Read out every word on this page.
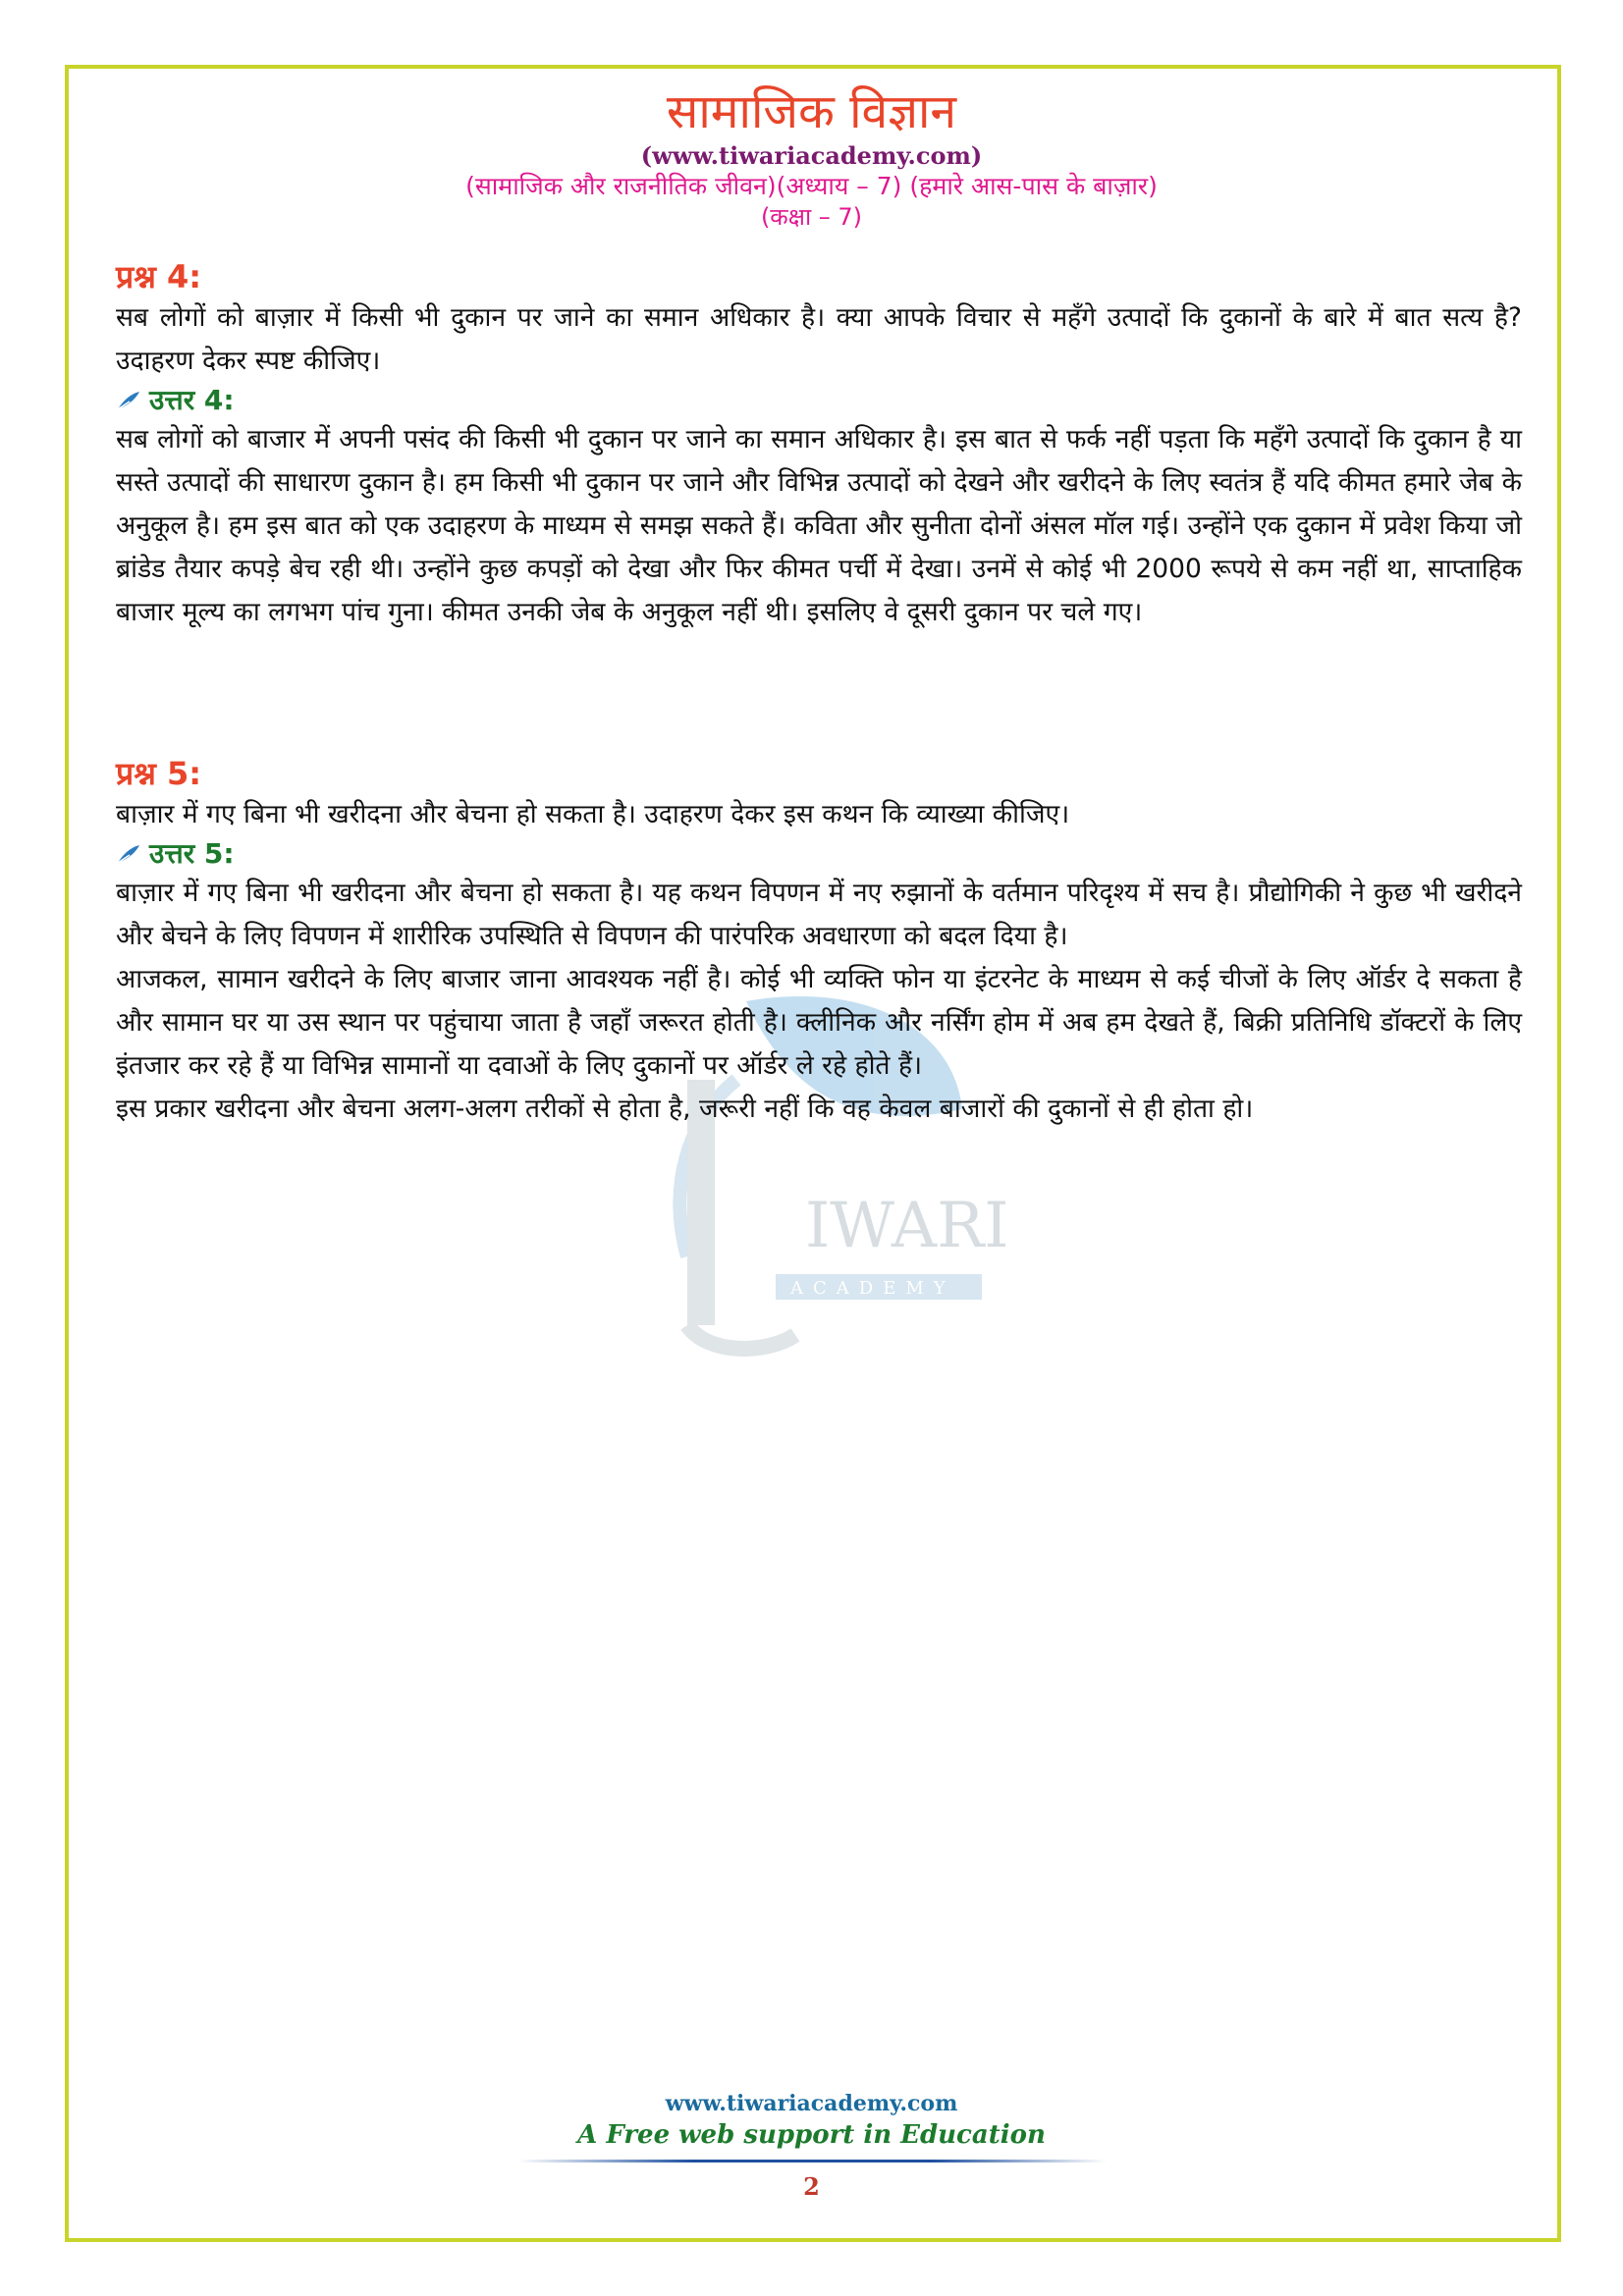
IWARI
ACADEMY
सामाजिक विज्ञान
(www.tiwariacademy.com)
(सामाजिक और राजनीतिक जीवन)(अध्याय – 7) (हमारे आस-पास के बाज़ार)
(कक्षा – 7)
प्रश्न 4:

सब लोगों को बाज़ार में किसी भी दुकान पर जाने का समान अधिकार है। क्या आपके विचार से महँगे उत्पादों कि दुकानों के बारे में बात सत्य है? उदाहरण देकर स्पष्ट कीजिए।

उत्तर 4:

सब लोगों को बाजार में अपनी पसंद की किसी भी दुकान पर जाने का समान अधिकार है। इस बात से फर्क नहीं पड़ता कि महँगे उत्पादों कि दुकान है या सस्ते उत्पादों की साधारण दुकान है। हम किसी भी दुकान पर जाने और विभिन्न उत्पादों को देखने और खरीदने के लिए स्वतंत्र हैं यदि कीमत हमारे जेब के अनुकूल है। हम इस बात को एक उदाहरण के माध्यम से समझ सकते हैं। कविता और सुनीता दोनों अंसल मॉल गई। उन्होंने एक दुकान में प्रवेश किया जो ब्रांडेड तैयार कपड़े बेच रही थी। उन्होंने कुछ कपड़ों को देखा और फिर कीमत पर्ची में देखा। उनमें से कोई भी 2000 रूपये से कम नहीं था, साप्ताहिक बाजार मूल्य का लगभग पांच गुना। कीमत उनकी जेब के अनुकूल नहीं थी। इसलिए वे दूसरी दुकान पर चले गए।

प्रश्न 5:

बाज़ार में गए बिना भी खरीदना और बेचना हो सकता है। उदाहरण देकर इस कथन कि व्याख्या कीजिए।

उत्तर 5:

बाज़ार में गए बिना भी खरीदना और बेचना हो सकता है। यह कथन विपणन में नए रुझानों के वर्तमान परिदृश्य में सच है। प्रौद्योगिकी ने कुछ भी खरीदने और बेचने के लिए विपणन में शारीरिक उपस्थिति से विपणन की पारंपरिक अवधारणा को बदल दिया है।

आजकल, सामान खरीदने के लिए बाजार जाना आवश्यक नहीं है। कोई भी व्यक्ति फोन या इंटरनेट के माध्यम से कई चीजों के लिए ऑर्डर दे सकता है और सामान घर या उस स्थान पर पहुंचाया जाता है जहाँ जरूरत होती है। क्लीनिक और नर्सिंग होम में अब हम देखते हैं, बिक्री प्रतिनिधि डॉक्टरों के लिए इंतजार कर रहे हैं या विभिन्न सामानों या दवाओं के लिए दुकानों पर ऑर्डर ले रहे होते हैं।

इस प्रकार खरीदना और बेचना अलग-अलग तरीकों से होता है, जरूरी नहीं कि वह केवल बाजारों की दुकानों से ही होता हो।

www.tiwariacademy.com
A Free web support in Education
2
